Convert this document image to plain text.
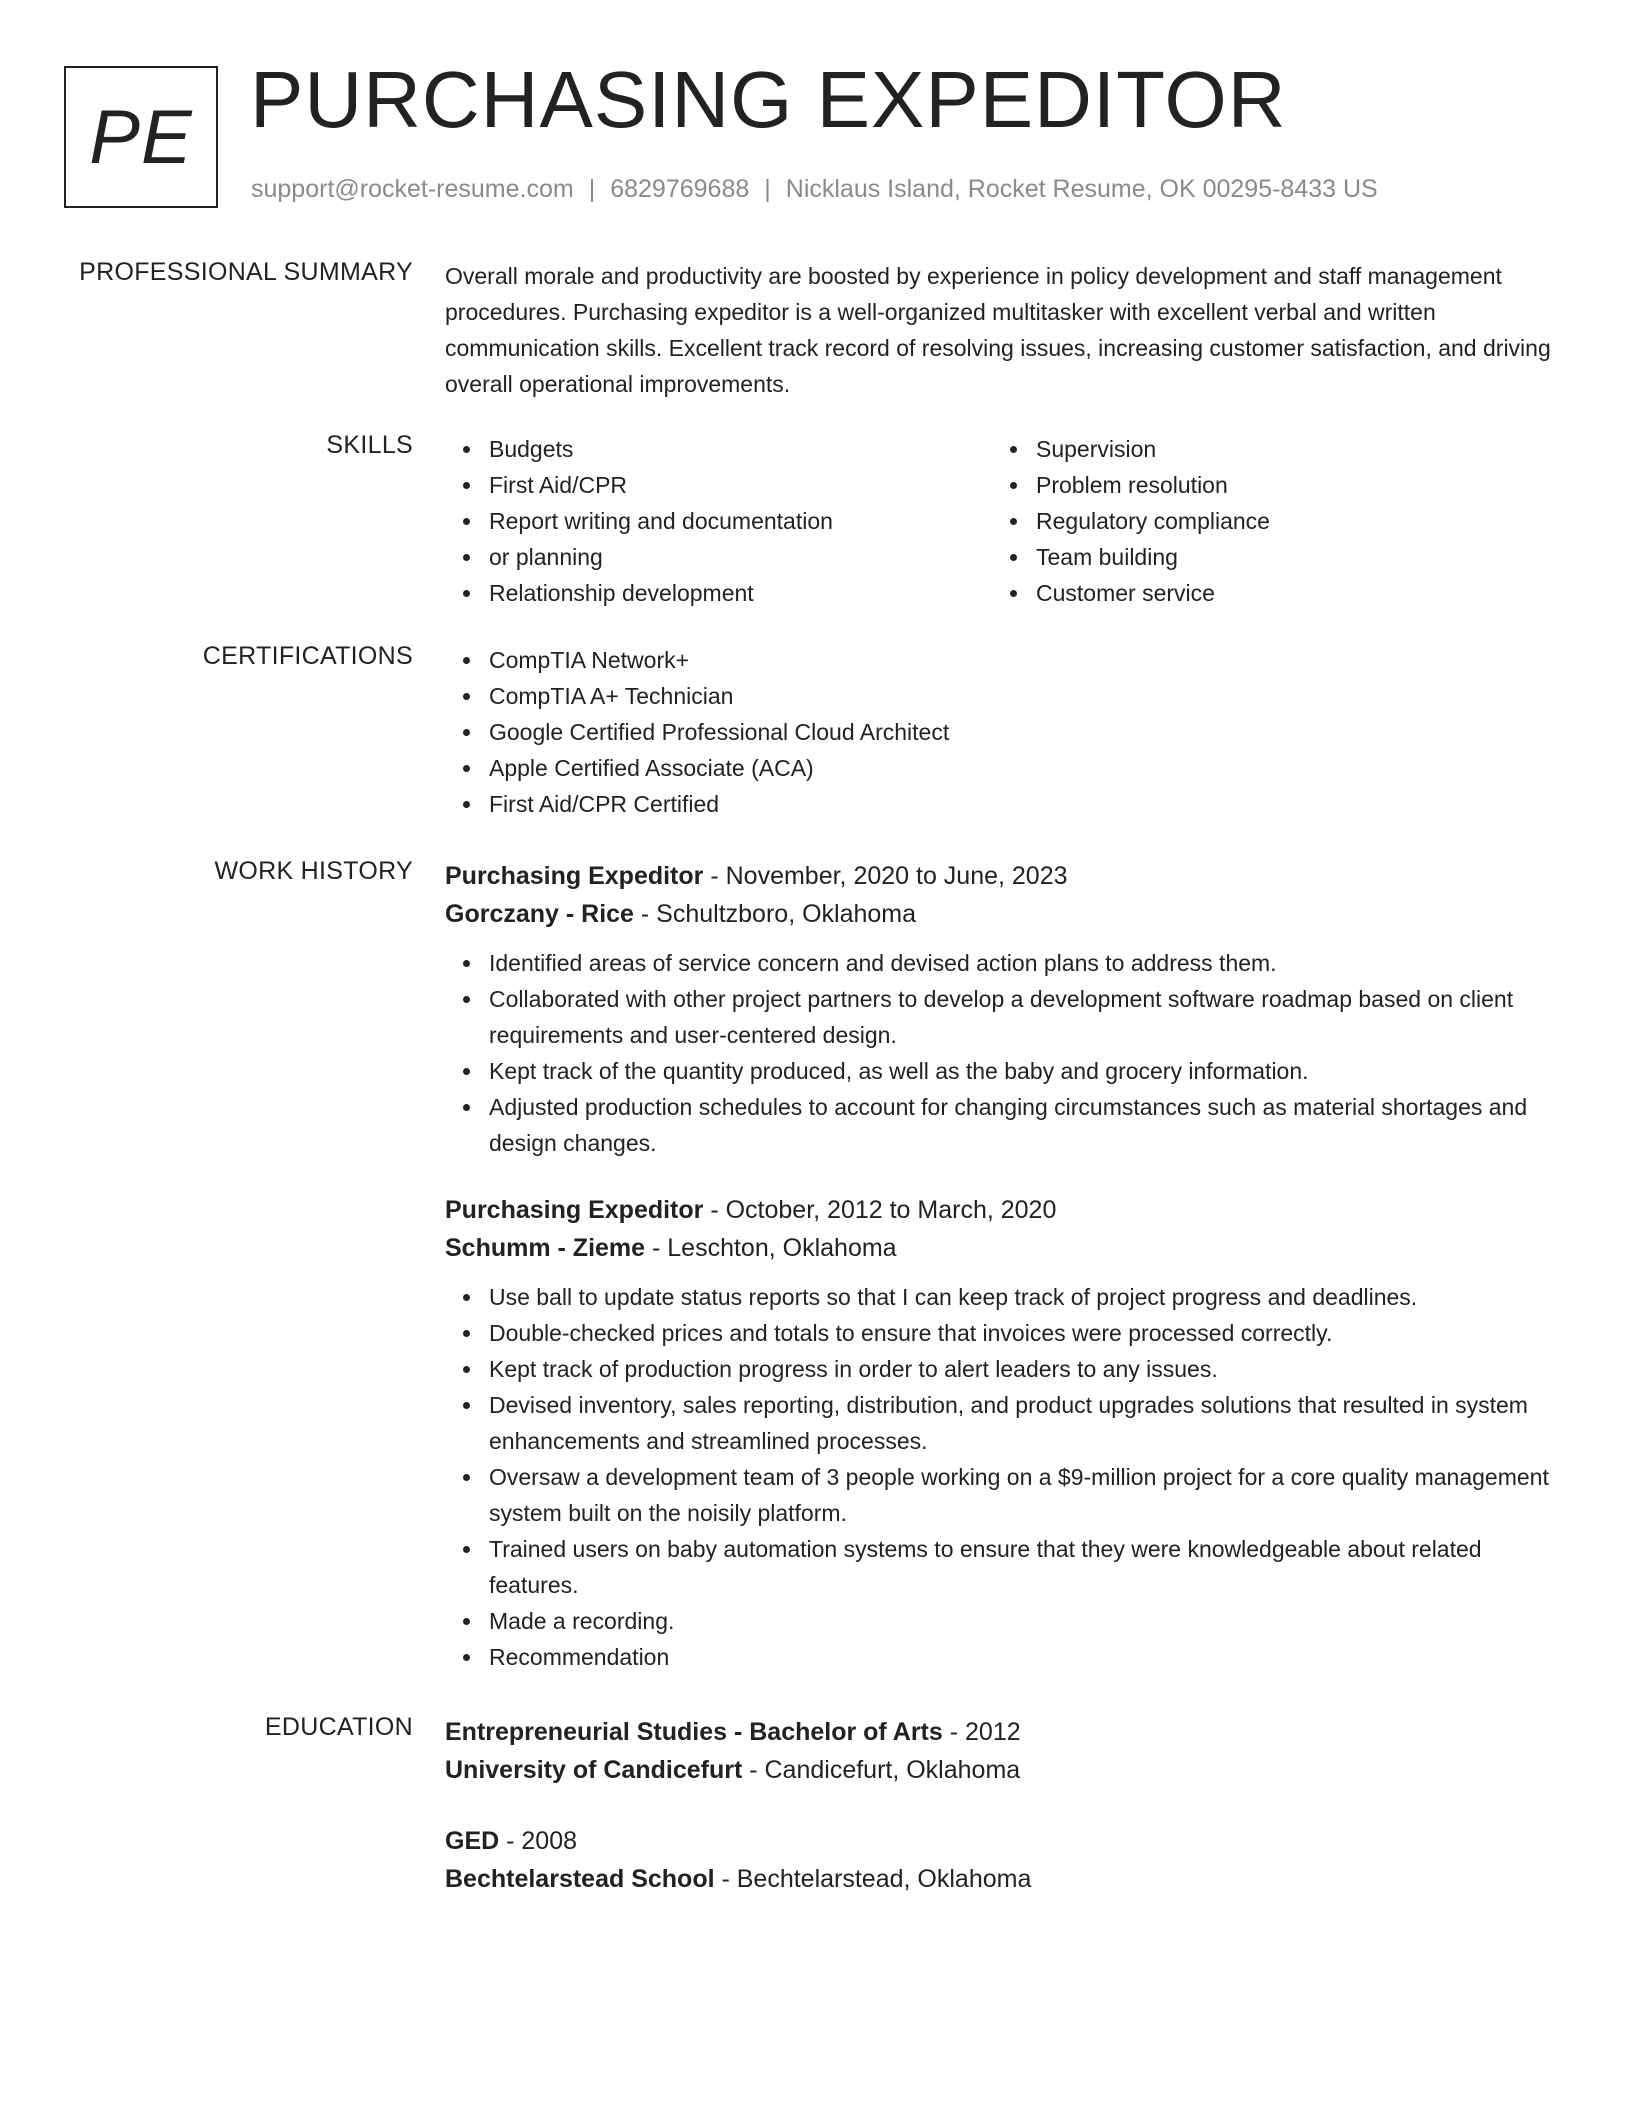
PE PURCHASING EXPEDITOR
support@rocket-resume.com | 6829769688 | Nicklaus Island, Rocket Resume, OK 00295-8433 US
PROFESSIONAL SUMMARY Overall morale and productivity are boosted by experience in policy development and staff management procedures. Purchasing expeditor is a well-organized multitasker with excellent verbal and written communication skills. Excellent track record of resolving issues, increasing customer satisfaction, and driving overall operational improvements.

SKILLS	Budgets
First Aid/CPR
Report writing and documentation
or planning
Relationship development
Supervision
Problem resolution
Regulatory compliance
Team building
Customer service
CERTIFICATIONS	CompTIA Network+
CompTIA A+ Technician
Google Certified Professional Cloud Architect
Apple Certified Associate (ACA)
First Aid/CPR Certified
WORK HISTORY Purchasing Expeditor - November, 2020 to June, 2023
Gorczany - Rice - Schultzboro, Oklahoma
Identified areas of service concern and devised action plans to address them.
Collaborated with other project partners to develop a development software roadmap based on client requirements and user-centered design.
Kept track of the quantity produced, as well as the baby and grocery information.
Adjusted production schedules to account for changing circumstances such as material shortages and design changes.
Purchasing Expeditor - October, 2012 to March, 2020
Schumm - Zieme - Leschton, Oklahoma
Use ball to update status reports so that I can keep track of project progress and deadlines.
Double-checked prices and totals to ensure that invoices were processed correctly.
Kept track of production progress in order to alert leaders to any issues.
Devised inventory, sales reporting, distribution, and product upgrades solutions that resulted in system enhancements and streamlined processes.
Oversaw a development team of 3 people working on a $9-million project for a core quality management system built on the noisily platform.
Trained users on baby automation systems to ensure that they were knowledgeable about related features.
Made a recording.
Recommendation
EDUCATION Entrepreneurial Studies - Bachelor of Arts - 2012
University of Candicefurt - Candicefurt, Oklahoma
GED - 2008
Bechtelarstead School - Bechtelarstead, Oklahoma
